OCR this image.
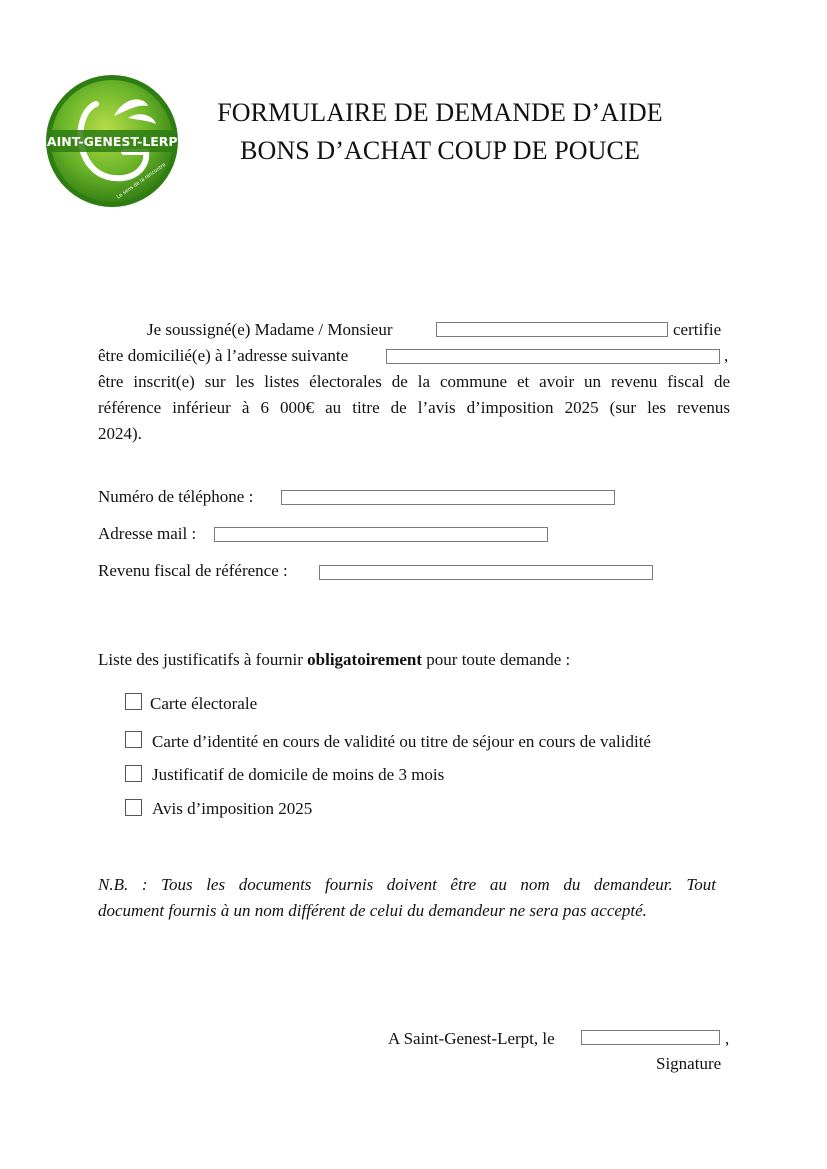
SAINT-GENEST-LERPT
Le sens de la rencontre
FORMULAIRE DE DEMANDE D’AIDE
BONS D’ACHAT COUP DE POUCE
Je soussigné(e) Madame / Monsieur	certifie
être domicilié(e) à l’adresse suivante	,
être inscrit(e) sur les listes électorales de la commune et avoir un revenu fiscal de
référence inférieur à 6 000€ au titre de l’avis d’imposition 2025 (sur les revenus
2024).
Numéro de téléphone :
Adresse mail :
Revenu fiscal de référence :
Liste des justificatifs à fournir obligatoirement pour toute demande :
Carte électorale
Carte d’identité en cours de validité ou titre de séjour en cours de validité
Justificatif de domicile de moins de 3 mois
Avis d’imposition 2025
N.B. : Tous les documents fournis doivent être au nom du demandeur. Tout
document fournis à un nom différent de celui du demandeur ne sera pas accepté.
A Saint-Genest-Lerpt, le	,
Signature
